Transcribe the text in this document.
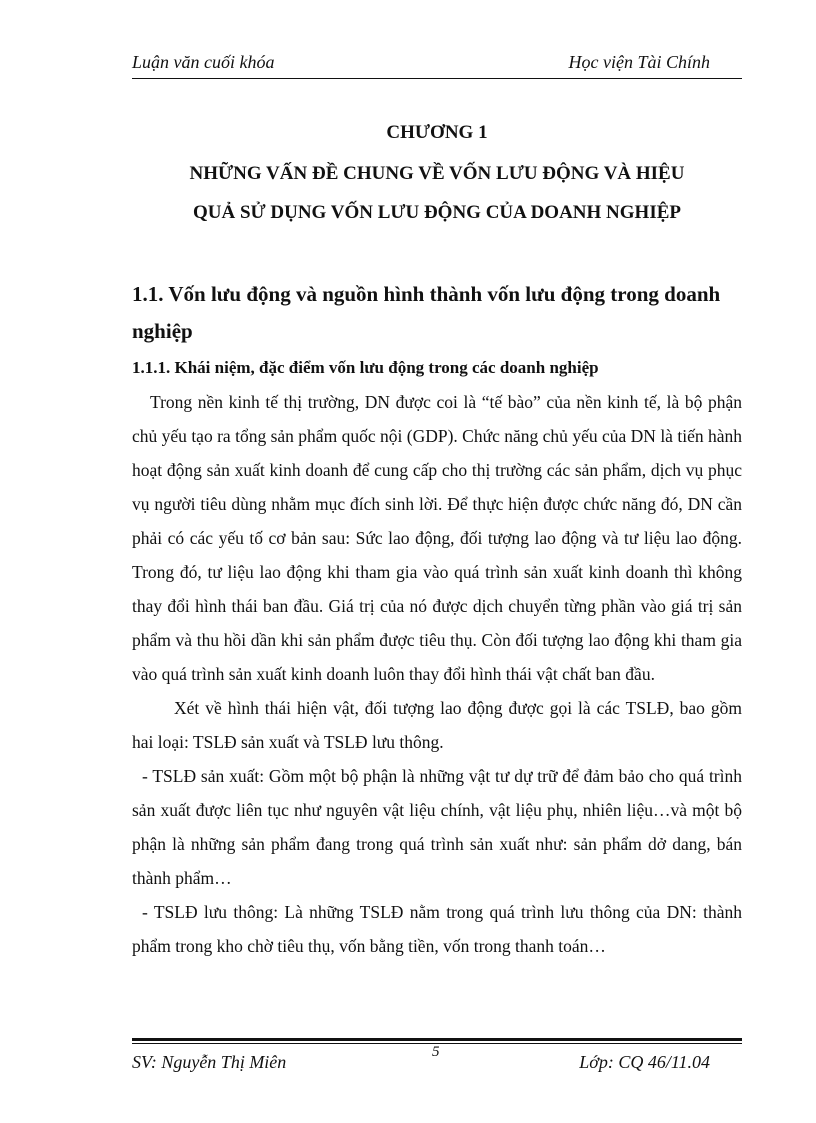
Luận văn cuối khóa	Học viện Tài Chính
CHƯƠNG 1
NHỮNG VẤN ĐỀ CHUNG VỀ VỐN LƯU ĐỘNG VÀ HIỆU
QUẢ SỬ DỤNG VỐN LƯU ĐỘNG CỦA DOANH NGHIỆP
1.1. Vốn lưu động và nguồn hình thành vốn lưu động trong doanh nghiệp
1.1.1. Khái niệm, đặc điểm vốn lưu động trong các doanh nghiệp

Trong nền kinh tế thị trường, DN được coi là “tế bào” của nền kinh tế, là bộ phận chủ yếu tạo ra tổng sản phẩm quốc nội (GDP). Chức năng chủ yếu của DN là tiến hành hoạt động sản xuất kinh doanh để cung cấp cho thị trường các sản phẩm, dịch vụ phục vụ người tiêu dùng nhằm mục đích sinh lời. Để thực hiện được chức năng đó, DN cần phải có các yếu tố cơ bản sau: Sức lao động, đối tượng lao động và tư liệu lao động. Trong đó, tư liệu lao động khi tham gia vào quá trình sản xuất kinh doanh thì không thay đổi hình thái ban đầu. Giá trị của nó được dịch chuyển từng phần vào giá trị sản phẩm và thu hồi dần khi sản phẩm được tiêu thụ. Còn đối tượng lao động khi tham gia vào quá trình sản xuất kinh doanh luôn thay đổi hình thái vật chất ban đầu.

Xét về hình thái hiện vật, đối tượng lao động được gọi là các TSLĐ, bao gồm hai loại: TSLĐ sản xuất và TSLĐ lưu thông.

- TSLĐ sản xuất: Gồm một bộ phận là những vật tư dự trữ để đảm bảo cho quá trình sản xuất được liên tục như nguyên vật liệu chính, vật liệu phụ, nhiên liệu…và một bộ phận là những sản phẩm đang trong quá trình sản xuất như: sản phẩm dở dang, bán thành phẩm…

- TSLĐ lưu thông: Là những TSLĐ nằm trong quá trình lưu thông của DN: thành phẩm trong kho chờ tiêu thụ, vốn bằng tiền, vốn trong thanh toán…

SV: Nguyễn Thị Miên	5	Lớp: CQ 46/11.04
